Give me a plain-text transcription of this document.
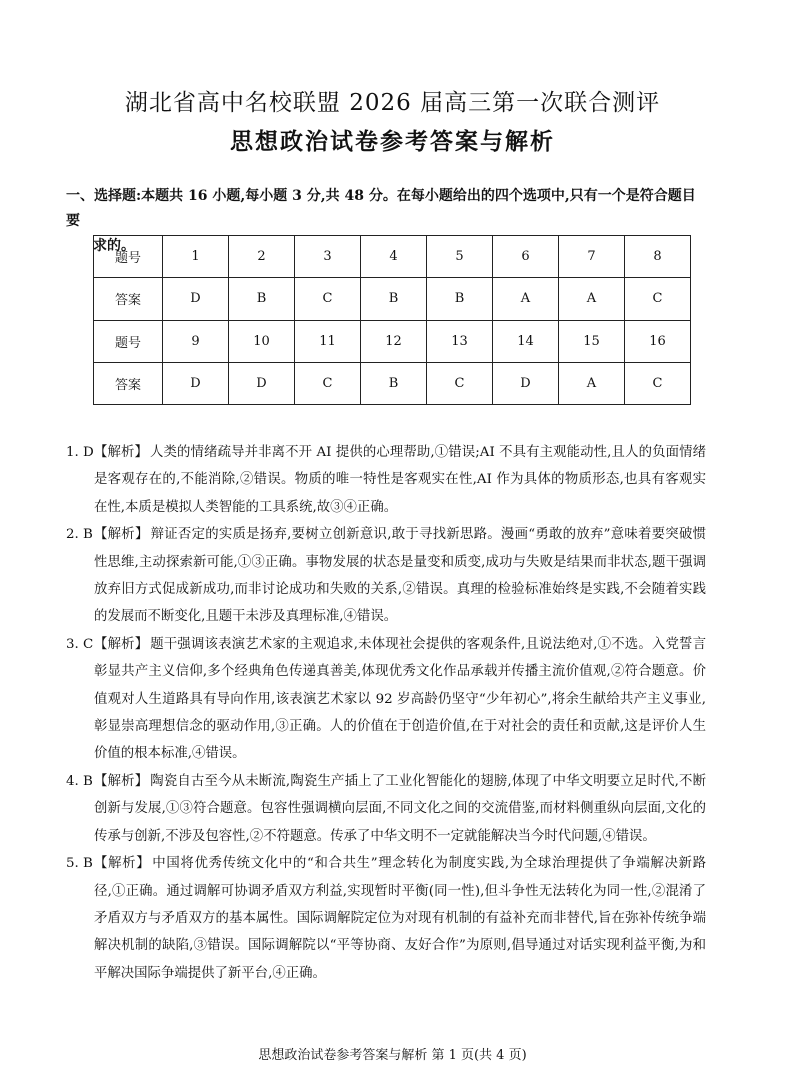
湖北省高中名校联盟 2026 届高三第一次联合测评
思想政治试卷参考答案与解析
一、选择题:本题共 16 小题,每小题 3 分,共 48 分。在每小题给出的四个选项中,只有一个是符合题目要
求的。
题号	1	2	3	4	5	6	7	8
答案	D	B	C	B	B	A	A	C
题号	9	10	11	12	13	14	15	16
答案	D	D	C	B	C	D	A	C
1. D 【解析】 人类的情绪疏导并非离不开 AI 提供的心理帮助,①错误;AI 不具有主观能动性,且人的负面情绪是客观存在的,不能消除,②错误。物质的唯一特性是客观实在性,AI 作为具体的物质形态,也具有客观实在性,本质是模拟人类智能的工具系统,故③④正确。
2. B 【解析】 辩证否定的实质是扬弃,要树立创新意识,敢于寻找新思路。漫画“勇敢的放弃”意味着要突破惯性思维,主动探索新可能,①③正确。事物发展的状态是量变和质变,成功与失败是结果而非状态,题干强调放弃旧方式促成新成功,而非讨论成功和失败的关系,②错误。真理的检验标准始终是实践,不会随着实践的发展而不断变化,且题干未涉及真理标准,④错误。
3. C 【解析】 题干强调该表演艺术家的主观追求,未体现社会提供的客观条件,且说法绝对,①不选。入党誓言彰显共产主义信仰,多个经典角色传递真善美,体现优秀文化作品承载并传播主流价值观,②符合题意。价值观对人生道路具有导向作用,该表演艺术家以 92 岁高龄仍坚守“少年初心”,将余生献给共产主义事业,彰显崇高理想信念的驱动作用,③正确。人的价值在于创造价值,在于对社会的责任和贡献,这是评价人生价值的根本标准,④错误。
4. B 【解析】 陶瓷自古至今从未断流,陶瓷生产插上了工业化智能化的翅膀,体现了中华文明要立足时代,不断创新与发展,①③符合题意。包容性强调横向层面,不同文化之间的交流借鉴,而材料侧重纵向层面,文化的传承与创新,不涉及包容性,②不符题意。传承了中华文明不一定就能解决当今时代问题,④错误。
5. B 【解析】 中国将优秀传统文化中的“和合共生”理念转化为制度实践,为全球治理提供了争端解决新路径,①正确。通过调解可协调矛盾双方利益,实现暂时平衡(同一性),但斗争性无法转化为同一性,②混淆了矛盾双方与矛盾双方的基本属性。国际调解院定位为对现有机制的有益补充而非替代,旨在弥补传统争端解决机制的缺陷,③错误。国际调解院以“平等协商、友好合作”为原则,倡导通过对话实现利益平衡,为和平解决国际争端提供了新平台,④正确。
思想政治试卷参考答案与解析 第 1 页(共 4 页)
